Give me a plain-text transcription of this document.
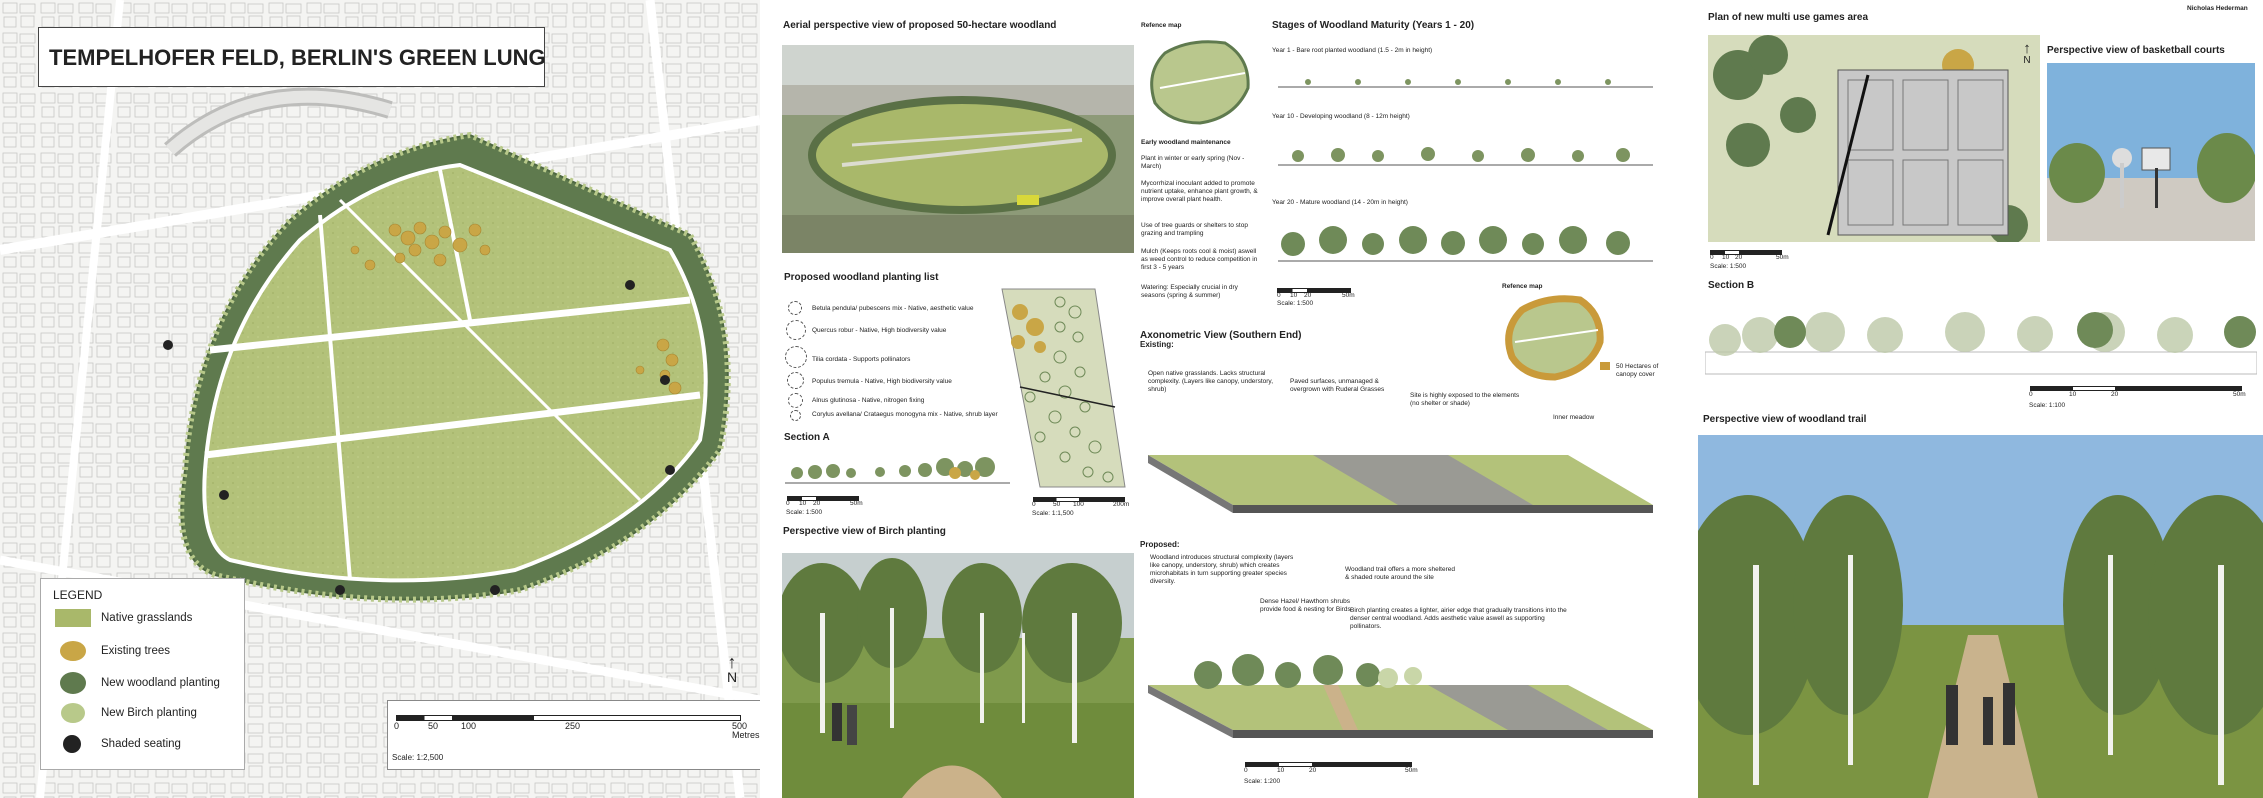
TEMPELHOFER FELD, BERLIN'S GREEN LUNG
LEGEND
Native grasslands
Existing trees
New woodland planting
New Birch planting
Shaded seating
↑
N
0	50	100	250	500
Metres
Scale: 1:2,500
Aerial perspective view of proposed 50-hectare woodland
Proposed woodland planting list
Betula pendula/ pubescens mix - Native, aesthetic value
Quercus robur - Native, High biodiversity value
Tilia cordata - Supports pollinators
Populus tremula - Native, High biodiversity value
Alnus glutinosa - Native, nitrogen fixing
Corylus avellana/ Crataegus monogyna mix - Native, shrub layer
0	50 100	200m
Scale: 1:1,500
Section A
0 10 20	50m
Scale: 1:500
Perspective view of Birch planting
Refence map
Early woodland maintenance
Plant in winter or early spring (Nov - March)
Mycorrhizal inoculant added to promote nutrient uptake, enhance plant growth, & improve overall plant health.
Use of tree guards or shelters to stop grazing and trampling
Mulch (Keeps roots cool & moist) aswell as weed control to reduce competition in first 3 - 5 years
Watering: Especially crucial in dry seasons (spring & summer)
Stages of Woodland Maturity (Years 1 - 20)
Year 1 - Bare root planted woodland (1.5 - 2m in height)
Year 10 - Developing woodland (8 - 12m height)
Year 20 - Mature woodland (14 - 20m in height)
0 10 20	50m
Scale: 1:500
Refence map
50 Hectares of canopy cover
Axonometric View (Southern End)
Existing:
Open native grasslands. Lacks structural complexity. (Layers like canopy, understory, shrub)
Paved surfaces, unmanaged & overgrown with Ruderal Grasses
Site is highly exposed to the elements (no shelter or shade)
Inner meadow
Proposed:
Woodland introduces structural complexity (layers like canopy, understory, shrub) which creates microhabitats in turn supporting greater species diversity.
Dense Hazel/ Hawthorn shrubs provide food & nesting for Birds
Woodland trail offers a more sheltered & shaded route around the site
Birch planting creates a lighter, airier edge that gradually transitions into the denser central woodland. Adds aesthetic value aswell as supporting pollinators.
0	10	20	50m
Scale: 1:200
Plan of new multi use games area
Nicholas Hederman
↑
N
0 10 20	50m
Scale: 1:500
Perspective view of basketball courts
Section B
0	10	20	50m
Scale: 1:100
Perspective view of woodland trail
